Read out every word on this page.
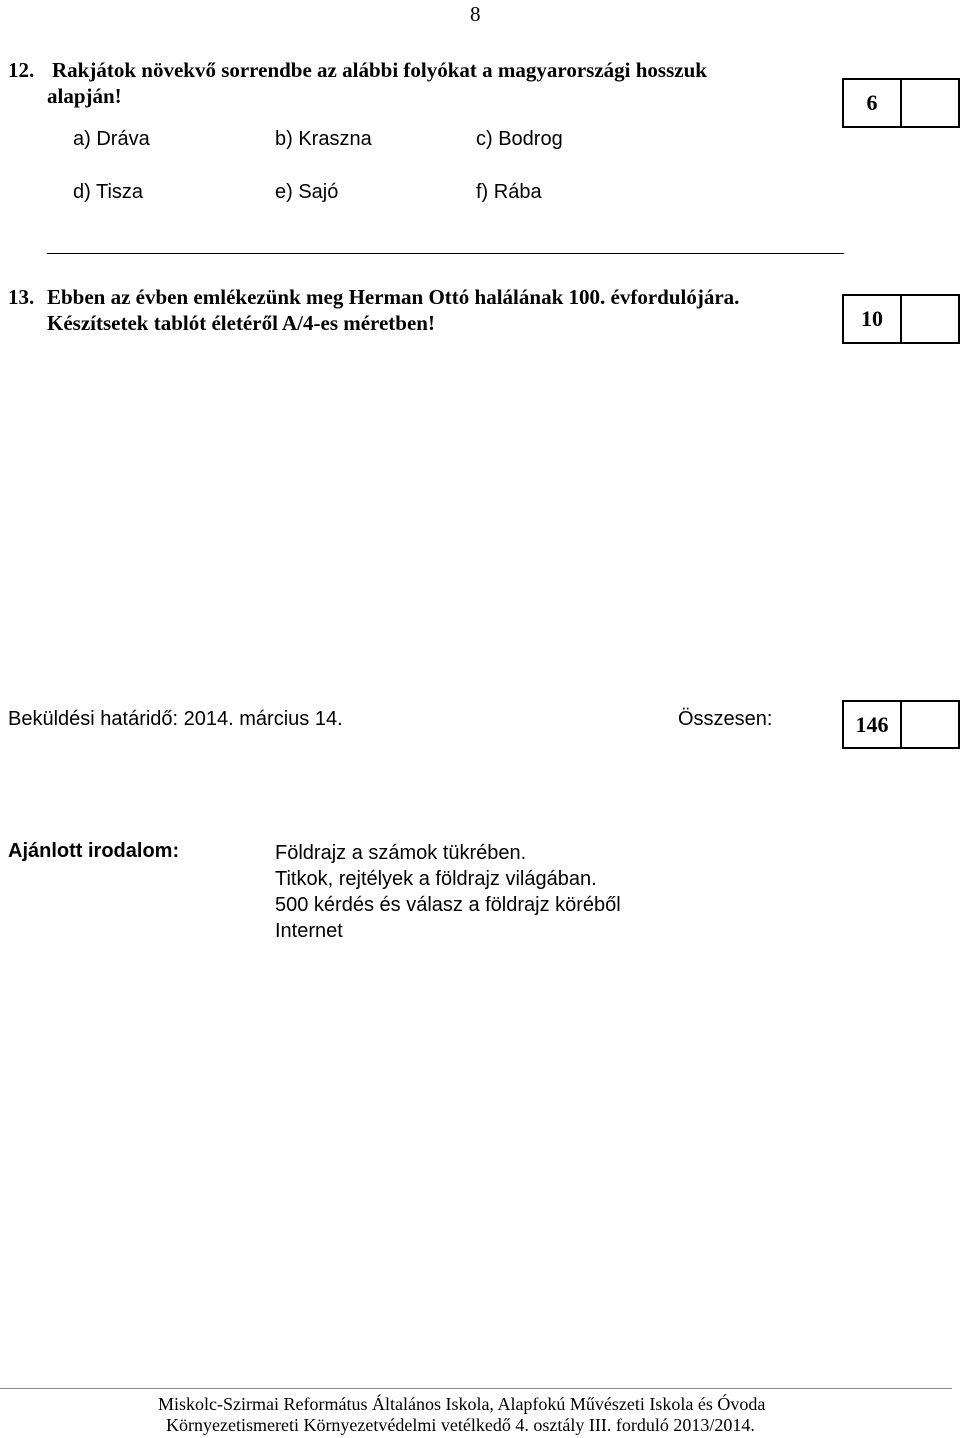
8
12. Rakjátok növekvő sorrendbe az alábbi folyókat a magyarországi hosszuk
alapján!
a) Dráva	b) Kraszna	c) Bodrog
d) Tisza	e) Sajó	f) Rába
6
13. Ebben az évben emlékezünk meg Herman Ottó halálának 100. évfordulójára.
Készítsetek tablót életéről A/4-es méretben!	10
Beküldési határidő: 2014. március 14.	Összesen:	146
Ajánlott irodalom:	Földrajz a számok tükrében.
Titkok, rejtélyek a földrajz világában.
500 kérdés és válasz a földrajz köréből
Internet
Miskolc-Szirmai Református Általános Iskola, Alapfokú Művészeti Iskola és Óvoda
Környezetismereti Környezetvédelmi vetélkedő 4. osztály III. forduló 2013/2014.
